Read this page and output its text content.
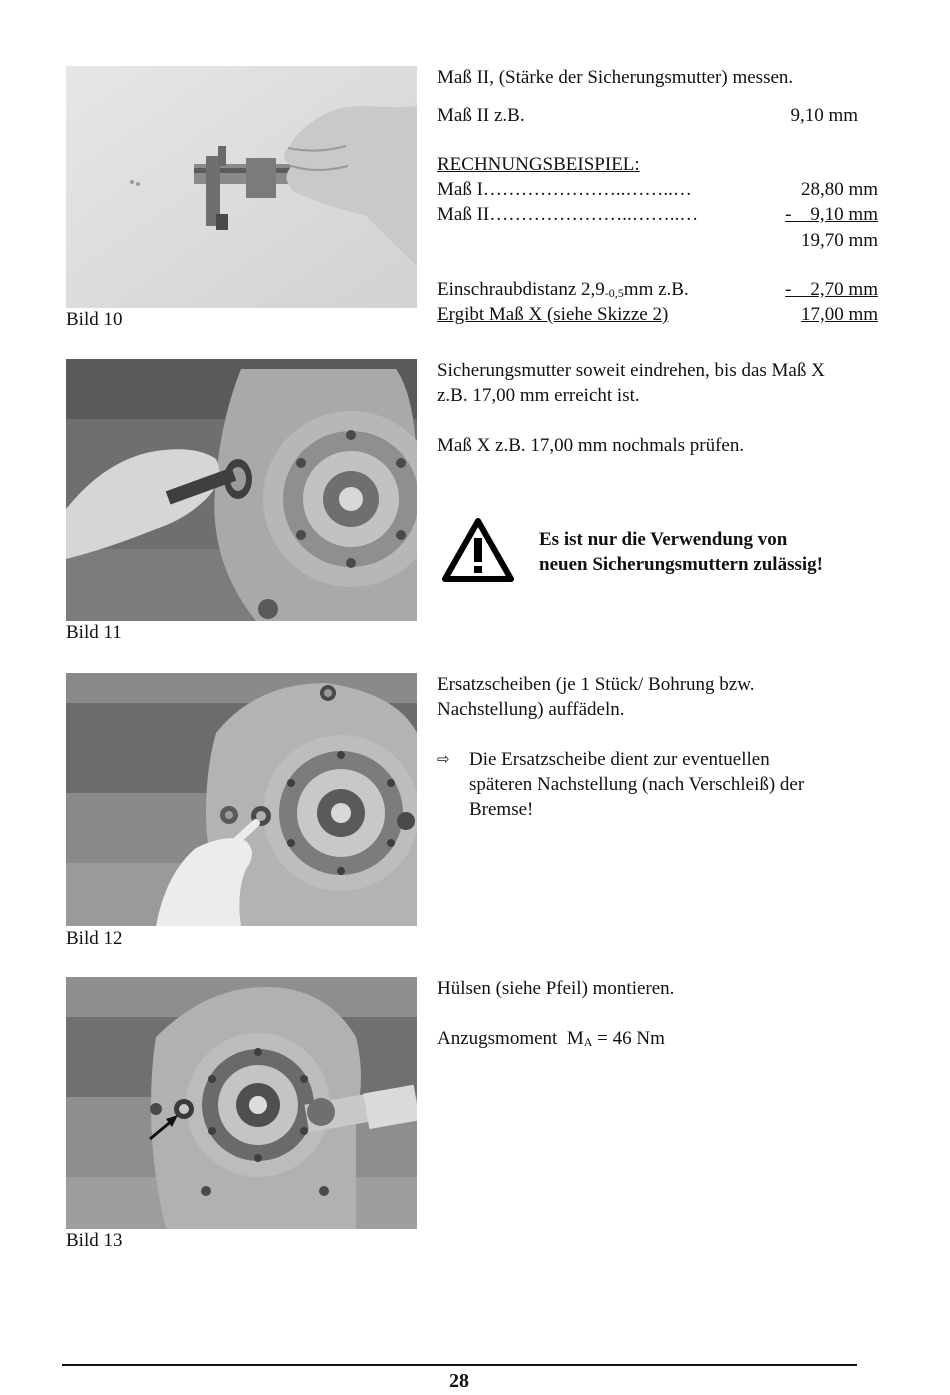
Bild 10
Maß II, (Stärke der Sicherungsmutter) messen.
Maß II z.B.	9,10 mm
RECHNUNGSBEISPIEL:
Maß I…………………..……..…	28,80 mm
Maß II…………………..……..…	-    9,10 mm
19,70 mm
Einschraubdistanz $2,9_{-0,5}mm$ z.B.	-    2,70 mm
Ergibt Maß X (siehe Skizze 2)	17,00 mm
Bild 11
Sicherungsmutter soweit eindrehen, bis das Maß X
z.B. 17,00 mm erreicht ist.
Maß X z.B. 17,00 mm nochmals prüfen.
Es ist nur die Verwendung von
neuen Sicherungsmuttern zulässig!
Bild 12
Ersatzscheiben (je 1 Stück/ Bohrung bzw.
Nachstellung) auffädeln.
⇨ Die Ersatzscheibe dient zur eventuellen
späteren Nachstellung (nach Verschleiß) der
Bremse!
Bild 13
Hülsen (siehe Pfeil) montieren.
Anzugsmoment  $M_A = 46$ Nm
28
